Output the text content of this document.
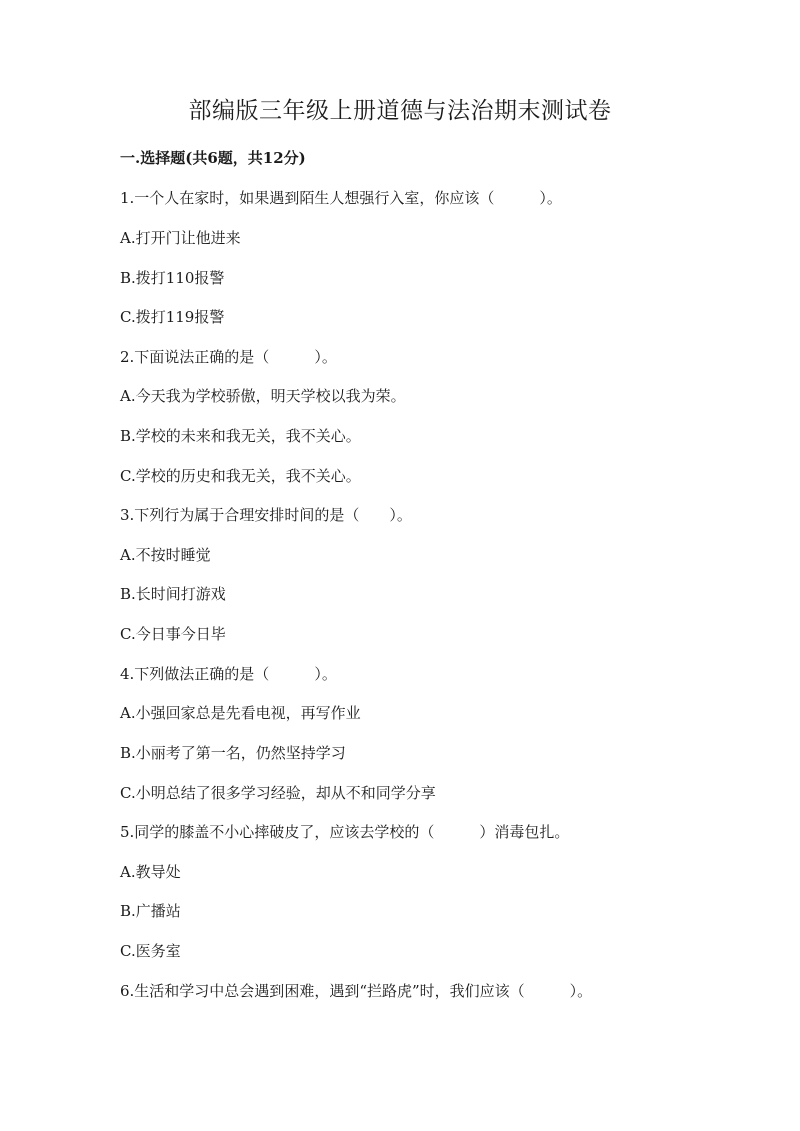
部编版三年级上册道德与法治期末测试卷
一.选择题(共6题，共12分)
1.一个人在家时，如果遇到陌生人想强行入室，你应该（　　　）。
A.打开门让他进来
B.拨打110报警
C.拨打119报警
2.下面说法正确的是（　　　）。
A.今天我为学校骄傲，明天学校以我为荣。
B.学校的未来和我无关，我不关心。
C.学校的历史和我无关，我不关心。
3.下列行为属于合理安排时间的是（　　）。
A.不按时睡觉
B.长时间打游戏
C.今日事今日毕
4.下列做法正确的是（　　　）。
A.小强回家总是先看电视，再写作业
B.小丽考了第一名，仍然坚持学习
C.小明总结了很多学习经验，却从不和同学分享
5.同学的膝盖不小心摔破皮了，应该去学校的（　　　）消毒包扎。
A.教导处
B.广播站
C.医务室
6.生活和学习中总会遇到困难，遇到“拦路虎”时，我们应该（　　　）。
